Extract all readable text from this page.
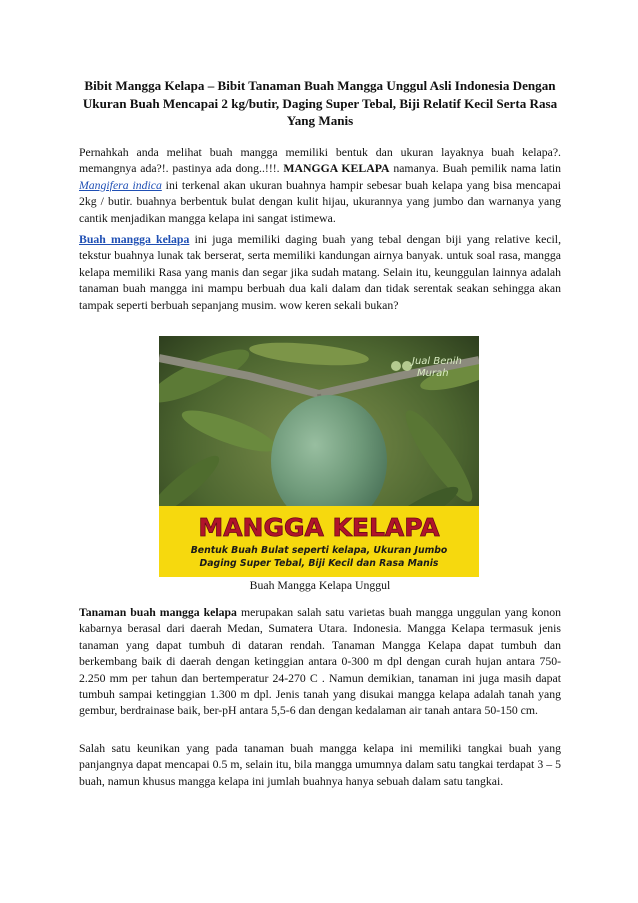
Bibit Mangga Kelapa – Bibit Tanaman Buah Mangga Unggul Asli Indonesia Dengan Ukuran Buah Mencapai 2 kg/butir, Daging Super Tebal, Biji Relatif Kecil Serta Rasa Yang Manis

Pernahkah anda melihat buah mangga memiliki bentuk dan ukuran layaknya buah kelapa?. memangnya ada?!. pastinya ada dong..!!!. MANGGA KELAPA namanya. Buah pemilik nama latin Mangifera indica ini terkenal akan ukuran buahnya hampir sebesar buah kelapa yang bisa mencapai 2kg / butir. buahnya berbentuk bulat dengan kulit hijau, ukurannya yang jumbo dan warnanya yang cantik menjadikan mangga kelapa ini sangat istimewa.

Buah mangga kelapa ini juga memiliki daging buah yang tebal dengan biji yang relative kecil, tekstur buahnya lunak tak berserat, serta memiliki kandungan airnya banyak. untuk soal rasa, mangga kelapa memiliki Rasa yang manis dan segar jika sudah matang. Selain itu, keunggulan lainnya adalah tanaman buah mangga ini mampu berbuah dua kali dalam dan tidak serentak seakan sehingga akan tampak seperti berbuah sepanjang musim. wow keren sekali bukan?

Jual Benih
Murah
MANGGA KELAPA
Bentuk Buah Bulat seperti kelapa, Ukuran Jumbo
Daging Super Tebal, Biji Kecil dan Rasa Manis
Buah Mangga Kelapa Unggul

Tanaman buah mangga kelapa merupakan salah satu varietas buah mangga unggulan yang konon kabarnya berasal dari daerah Medan, Sumatera Utara. Indonesia. Mangga Kelapa termasuk jenis tanaman yang dapat tumbuh di dataran rendah. Tanaman Mangga Kelapa dapat tumbuh dan berkembang baik di daerah dengan ketinggian antara 0-300 m dpl dengan curah hujan antara 750-2.250 mm per tahun dan bertemperatur 24-270 C . Namun demikian, tanaman ini juga masih dapat tumbuh sampai ketinggian 1.300 m dpl. Jenis tanah yang disukai mangga kelapa adalah tanah yang gembur, berdrainase baik, ber-pH antara 5,5-6 dan dengan kedalaman air tanah antara 50-150 cm.

Salah satu keunikan yang pada tanaman buah mangga kelapa ini memiliki tangkai buah yang panjangnya dapat mencapai 0.5 m, selain itu, bila mangga umumnya dalam satu tangkai terdapat 3 – 5 buah, namun khusus mangga kelapa ini jumlah buahnya hanya sebuah dalam satu tangkai.
